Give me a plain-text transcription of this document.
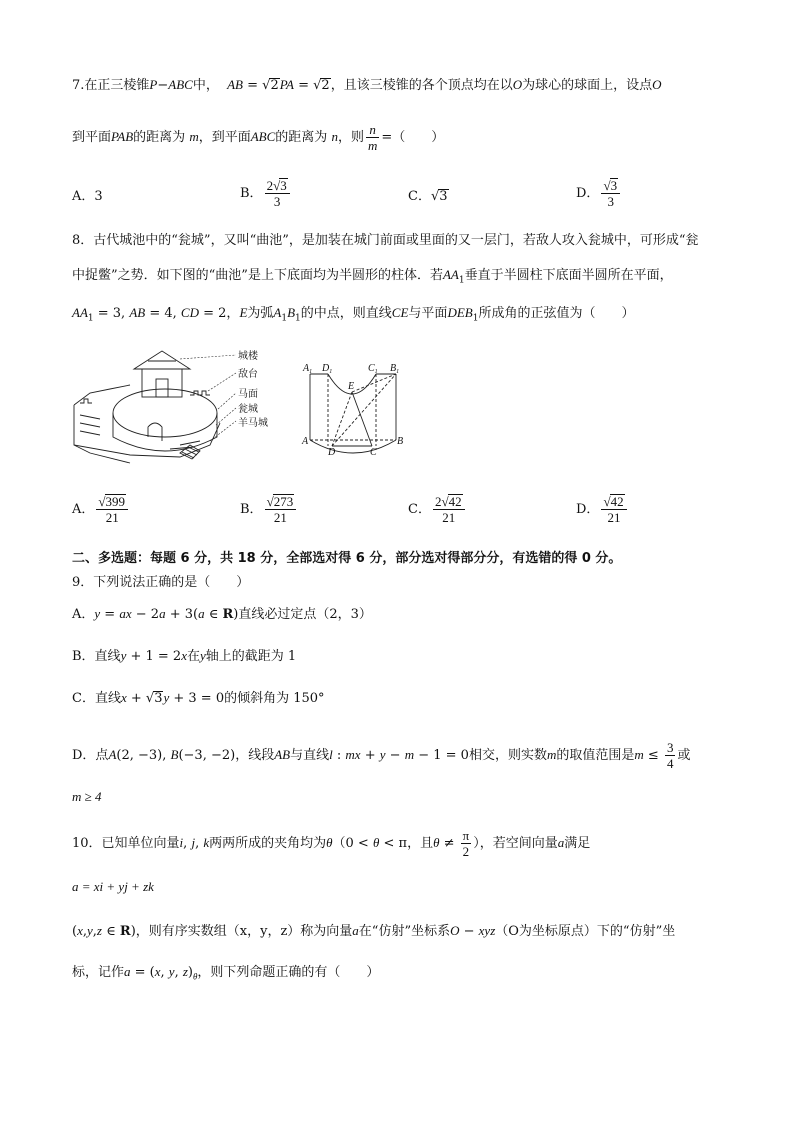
7.在正三棱锥P−ABC中， AB = √2PA = √2，且该三棱锥的各个顶点均在以O为球心的球面上，设点O
到平面PAB的距离为 m，到平面ABC的距离为 n，则 $\frac{n}{m}$ =（　　）
A．3	B． $\frac{2√3}{3}$	C．√3	D． $\frac{√3}{3}$
8．古代城池中的“瓮城”，又叫“曲池”，是加装在城门前面或里面的又一层门，若敌人攻入瓮城中，可形成“瓮
中捉鳖”之势．如下图的“曲池”是上下底面均为半圆形的柱体．若$AA_1$垂直于半圆柱下底面半圆所在平面，
$AA_1 = 3$, AB = 4, CD = 2，E为弧$A_1B_1$的中点，则直线CE与平面$DEB_1$所成角的正弦值为（　　）
城楼
敌台
马面
瓮城
羊马城
$A_1$ $D_1$	$C_1$ $B_1$
E
A	B
D	C
A． $\frac{√399}{21}$	B． $\frac{√273}{21}$	C． $\frac{2√42}{21}$	D． $\frac{√42}{21}$
二、多选题：每题 6 分，共 18 分，全部选对得 6 分，部分选对得部分分，有选错的得 0 分。
9．下列说法正确的是（　　）
A．y = ax − 2a + 3(a ∈ R)直线必过定点（2，3）
B．直线y + 1 = 2x在y轴上的截距为 1
C．直线x + √3y + 3 = 0的倾斜角为 150°
D．点A(2, −3), B(−3, −2)，线段AB与直线l : mx + y − m − 1 = 0相交，则实数m的取值范围是$m \le \frac{3}{4}$ 或
m ≥ 4
10．已知单位向量i, j, k两两所成的夹角均为θ（0 < θ < π，且$\theta \ne \frac{\pi}{2}$ ），若空间向量a满足
a = xi + yj + zk
(x,y,z ∈ R)，则有序实数组（x，y，z）称为向量a在“仿射”坐标系O − xyz（O为坐标原点）下的“仿射”坐
标，记作a = (x, y, $z)_\theta$，则下列命题正确的有（　　）
